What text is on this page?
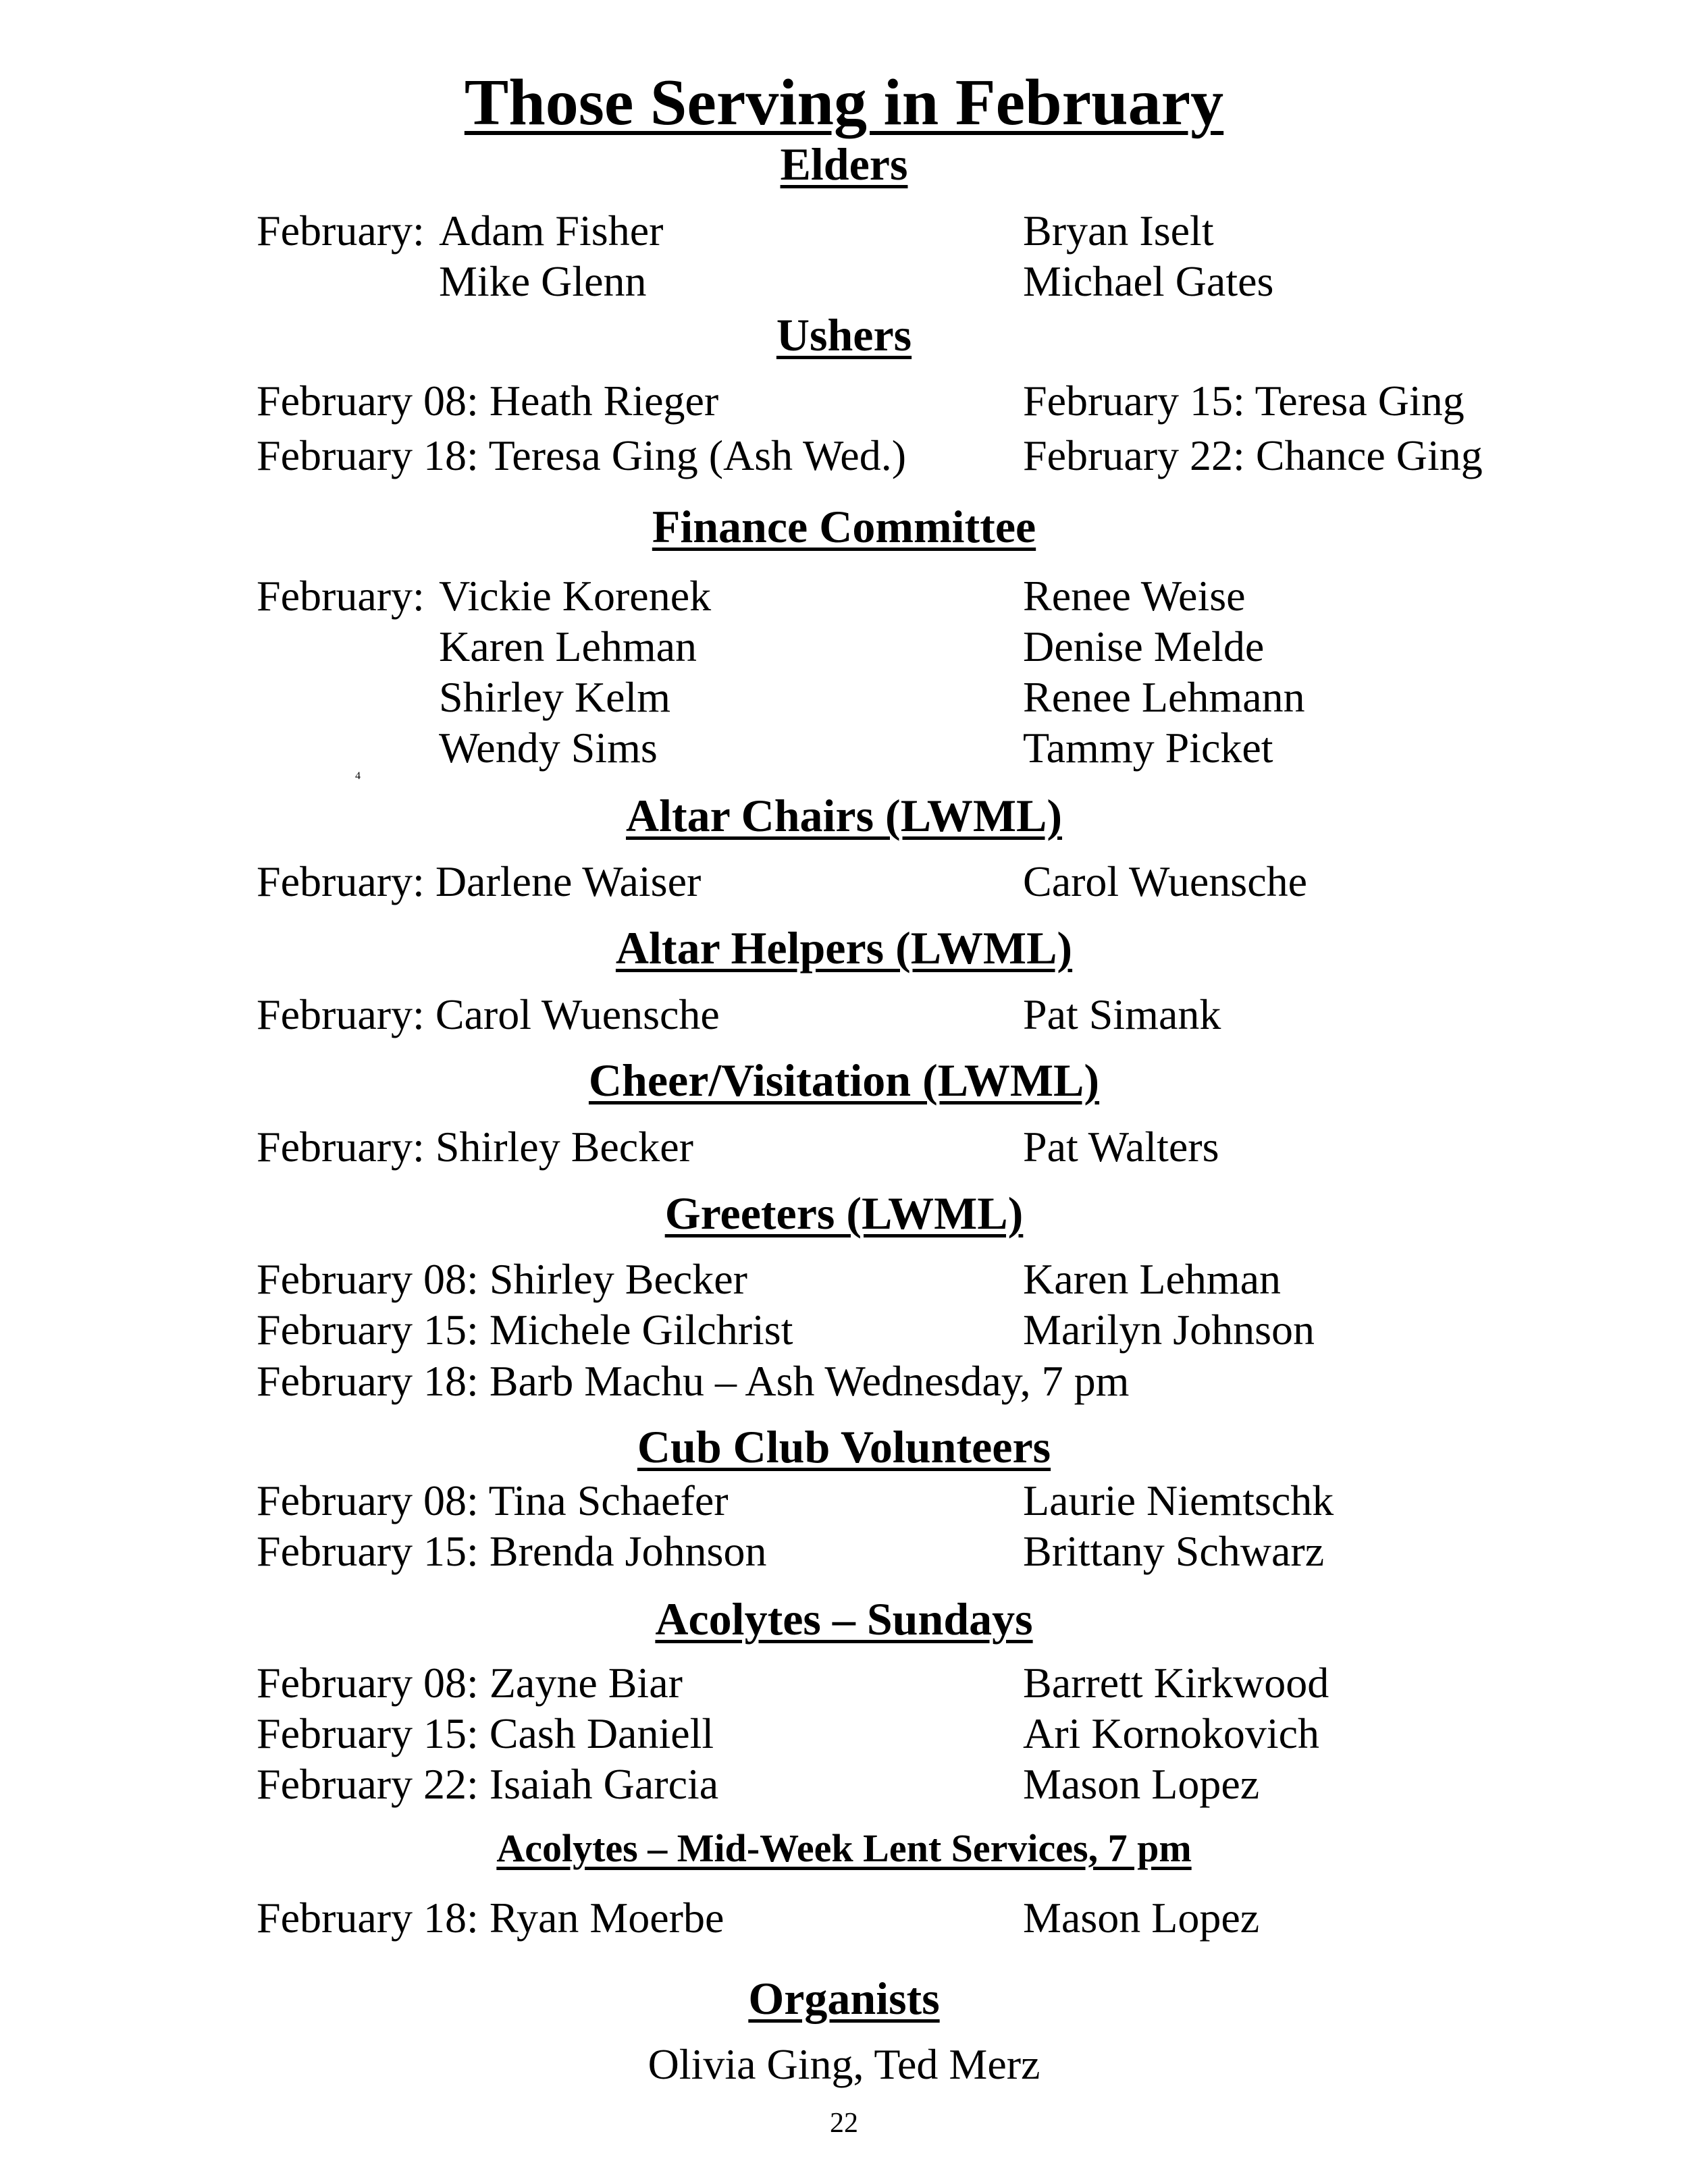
Those Serving in February
Elders
February: Adam Fisher	Bryan Iselt
Mike Glenn	Michael Gates
Ushers
February 08: Heath Rieger	February 15: Teresa Ging
February 18: Teresa Ging (Ash Wed.)	February 22: Chance Ging
Finance Committee
February: Vickie Korenek	Renee Weise
Karen Lehman	Denise Melde
Shirley Kelm	Renee Lehmann
Wendy Sims	Tammy Picket
4
Altar Chairs (LWML)
February: Darlene Waiser	Carol Wuensche
Altar Helpers (LWML)
February: Carol Wuensche	Pat Simank
Cheer/Visitation (LWML)
February: Shirley Becker	Pat Walters
Greeters (LWML)
February 08: Shirley Becker	Karen Lehman
February 15: Michele Gilchrist	Marilyn Johnson
February 18: Barb Machu – Ash Wednesday, 7 pm
Cub Club Volunteers
February 08: Tina Schaefer	Laurie Niemtschk
February 15: Brenda Johnson	Brittany Schwarz
Acolytes – Sundays
February 08: Zayne Biar	Barrett Kirkwood
February 15: Cash Daniell	Ari Kornokovich
February 22: Isaiah Garcia	Mason Lopez
Acolytes – Mid-Week Lent Services, 7 pm
February 18: Ryan Moerbe	Mason Lopez
Organists
Olivia Ging, Ted Merz
22
